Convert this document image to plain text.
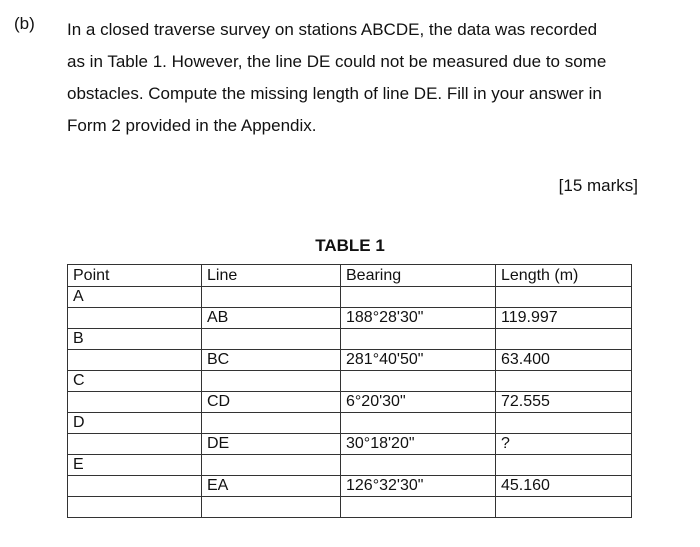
(b) In a closed traverse survey on stations ABCDE, the data was recorded
as in Table 1. However, the line DE could not be measured due to some
obstacles. Compute the missing length of line DE. Fill in your answer in
Form 2 provided in the Appendix.
[15 marks]
TABLE 1
Point	Line	Bearing	Length (m)
A			
	AB	188°28'30"	119.997
B			
	BC	281°40'50"	63.400
C			
	CD	6°20'30"	72.555
D			
	DE	30°18'20"	?
E			
	EA	126°32'30"	45.160
